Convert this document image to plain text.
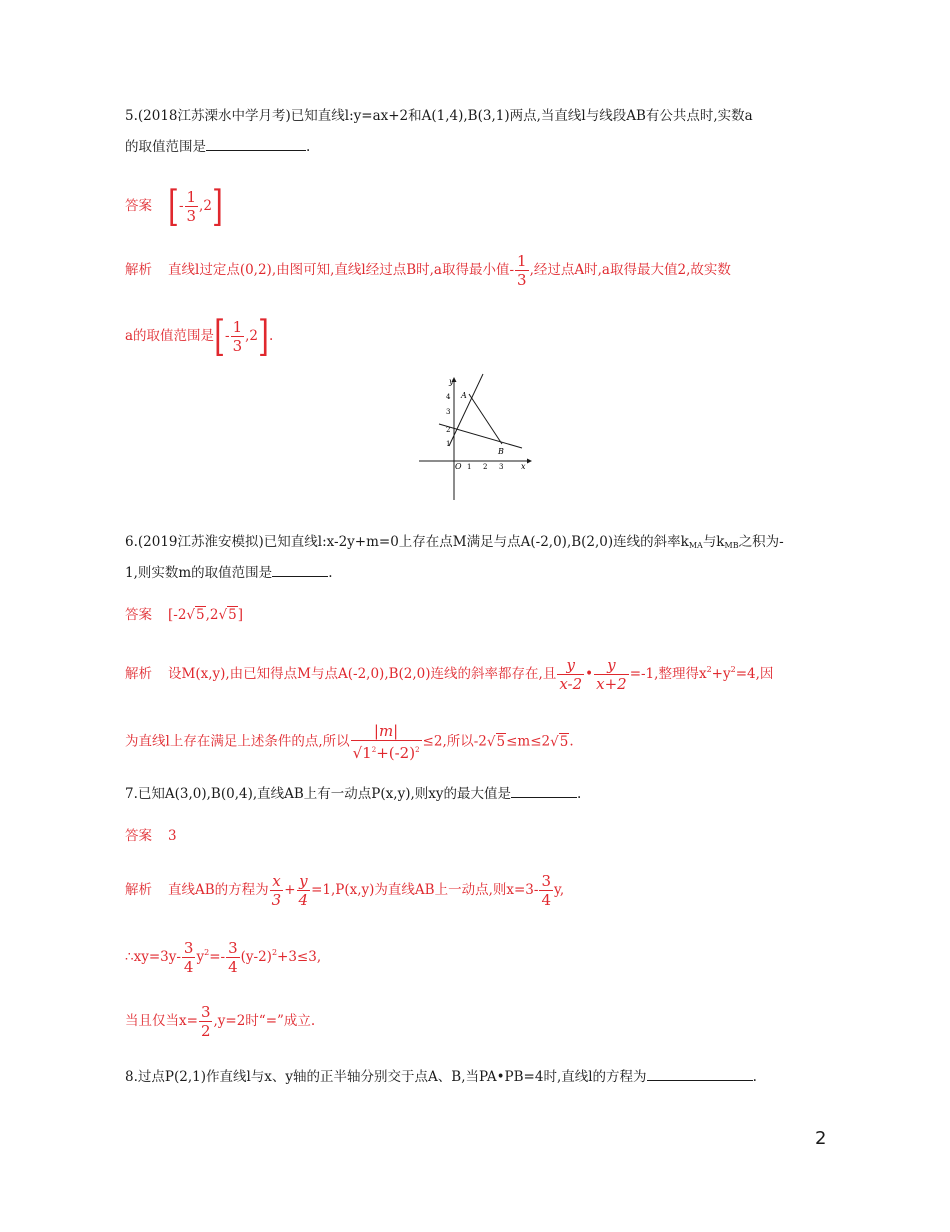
5.(2018江苏溧水中学月考)已知直线l:y=ax+2和A(1,4),B(3,1)两点,当直线l与线段AB有公共点时,实数a
的取值范围是	.
答案 [- $\frac{1}{3} ,2$]
解析 直线l过定点(0,2),由图可知,直线l经过点B时,a取得最小值- $\frac{1}{3}$ ,经过点A时,a取得最大值2,故实数
a的取值范围是[- $\frac{1}{3} ,2$].
y
x
O
A
B
4
3
2
1
1 2 3
6.(2019江苏淮安模拟)已知直线l:x-2y+m=0上存在点M满足与点A(-2,0),B(2,0)连线的斜率$k_{MA}$与$k_{MB}$之积为-
1,则实数m的取值范围是	.
答案 [-2√5,2√5]
解析 设M(x,y),由已知得点M与点A(-2,0),B(2,0)连线的斜率都存在,且 $\frac{y}{x-2}$ • $\frac{y}{x+2} =-1$,整理得$x^2+y^2=4$,因
为直线l上存在满足上述条件的点,所以 $\frac{|m|}{√1^2+(-2)^2} \le 2$,所以-2√5≤m≤2√5.
7.已知A(3,0),B(0,4),直线AB上有一动点P(x,y),则xy的最大值是	.
答案 3
解析 直线AB的方程为 $\frac{x}{3} + \frac{y}{4} =1,P(x,y)$为直线AB上一动点,则$x=3- \frac{3}{4} y$,
∴xy=3y- $\frac{3}{4} y^2=- \frac{3}{4} (y-2)^2+3\le 3$,
当且仅当$x= \frac{3}{2} ,y=2$时“=”成立.
8.过点P(2,1)作直线l与x、y轴的正半轴分别交于点A、B,当PA•PB=4时,直线l的方程为	.
2
